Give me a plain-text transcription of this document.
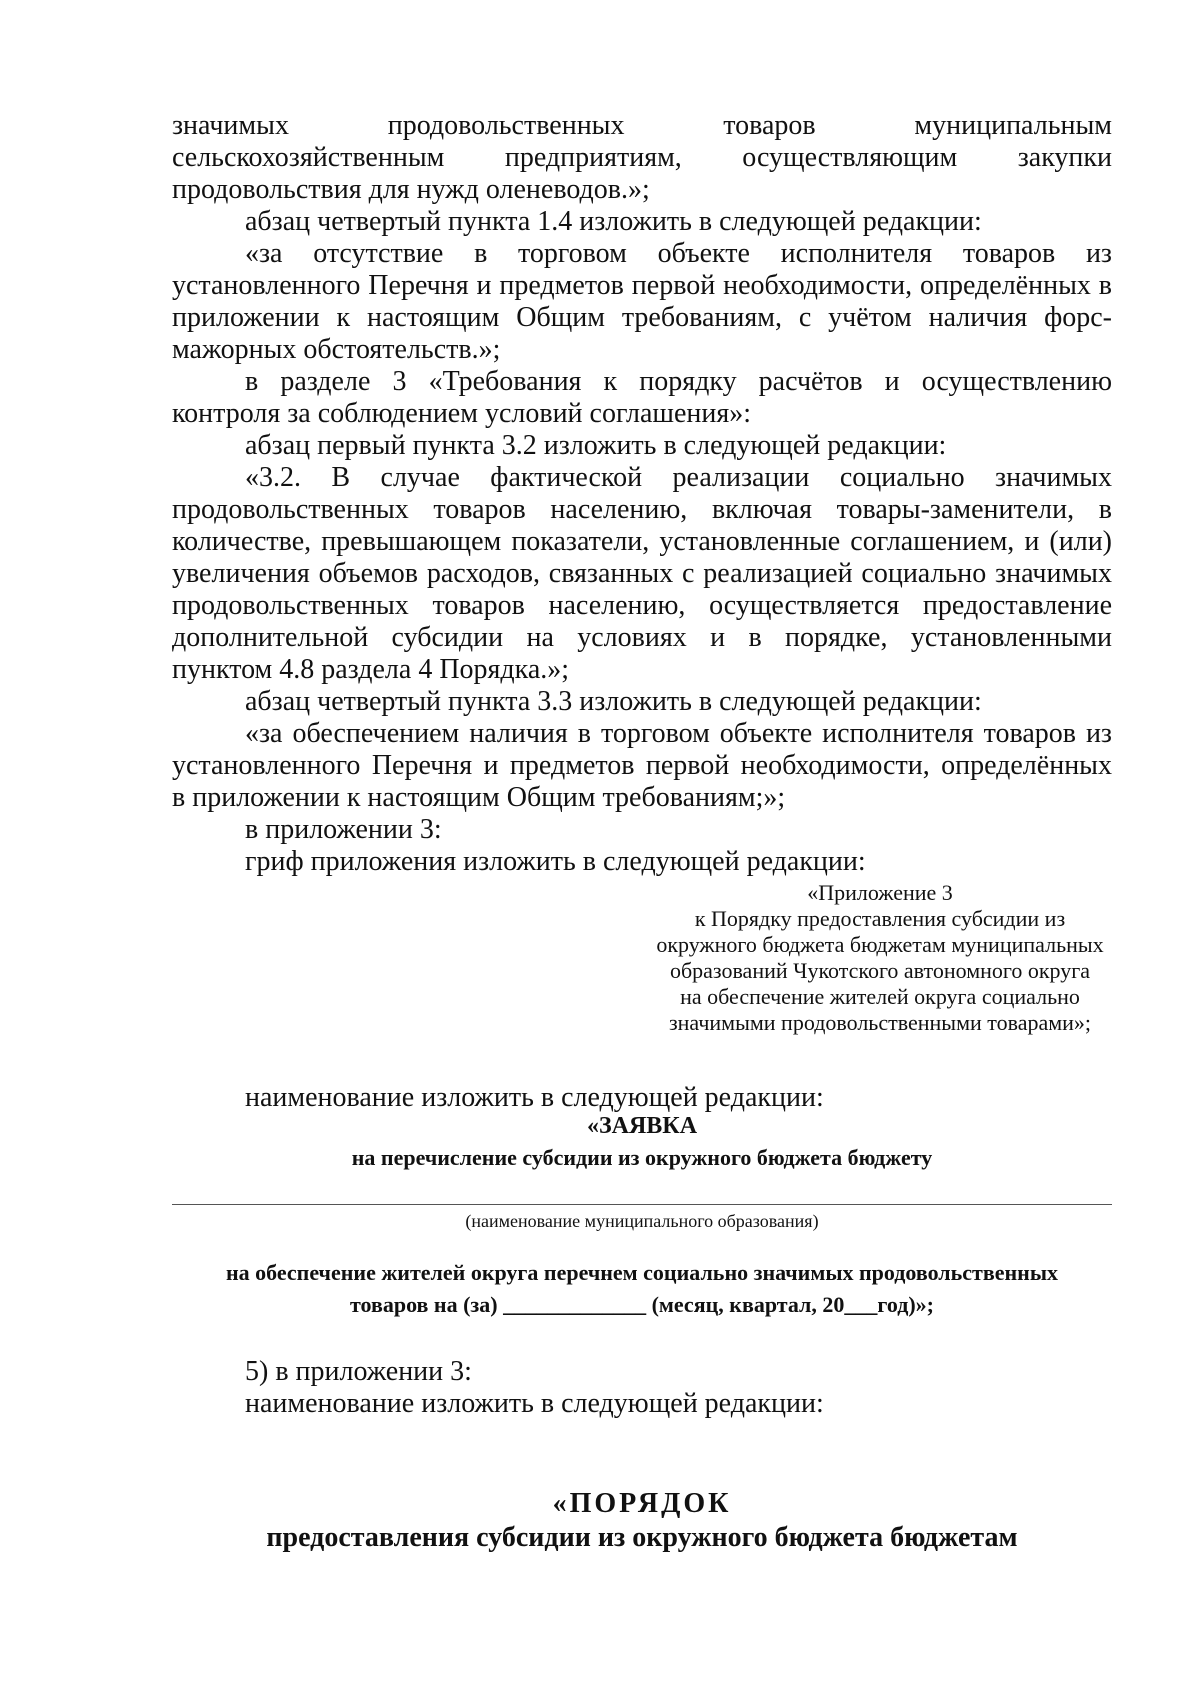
значимых продовольственных товаров муниципальным сельскохозяйственным предприятиям, осуществляющим закупки

продовольствия для нужд оленеводов.»;

абзац четвертый пункта 1.4 изложить в следующей редакции:

«за отсутствие в торговом объекте исполнителя товаров из установленного Перечня и предметов первой необходимости, определённых в приложении к настоящим Общим требованиям, с учётом наличия форс-

мажорных обстоятельств.»;

в разделе 3 «Требования к порядку расчётов и осуществлению

контроля за соблюдением условий соглашения»:

абзац первый пункта 3.2 изложить в следующей редакции:

«3.2. В случае фактической реализации социально значимых продовольственных товаров населению, включая товары-заменители, в количестве, превышающем показатели, установленные соглашением, и (или) увеличения объемов расходов, связанных с реализацией социально значимых продовольственных товаров населению, осуществляется предоставление дополнительной субсидии на условиях и в порядке, установленными

пунктом 4.8 раздела 4 Порядка.»;

абзац четвертый пункта 3.3 изложить в следующей редакции:

«за обеспечением наличия в торговом объекте исполнителя товаров из установленного Перечня и предметов первой необходимости, определённых

в приложении к настоящим Общим требованиям;»;

в приложении 3:

гриф приложения изложить в следующей редакции:

«Приложение 3

к Порядку предоставления субсидии из

окружного бюджета бюджетам муниципальных

образований Чукотского автономного округа

на обеспечение жителей округа социально

значимыми продовольственными товарами»;

наименование изложить в следующей редакции:

«ЗАЯВКА

на перечисление субсидии из окружного бюджета бюджету

(наименование муниципального образования)

на обеспечение жителей округа перечнем социально значимых продовольственных

товаров на (за) _____________ (месяц, квартал, 20___год)»;

5) в приложении 3:

наименование изложить в следующей редакции:

«ПОРЯДОК

предоставления субсидии из окружного бюджета бюджетам
